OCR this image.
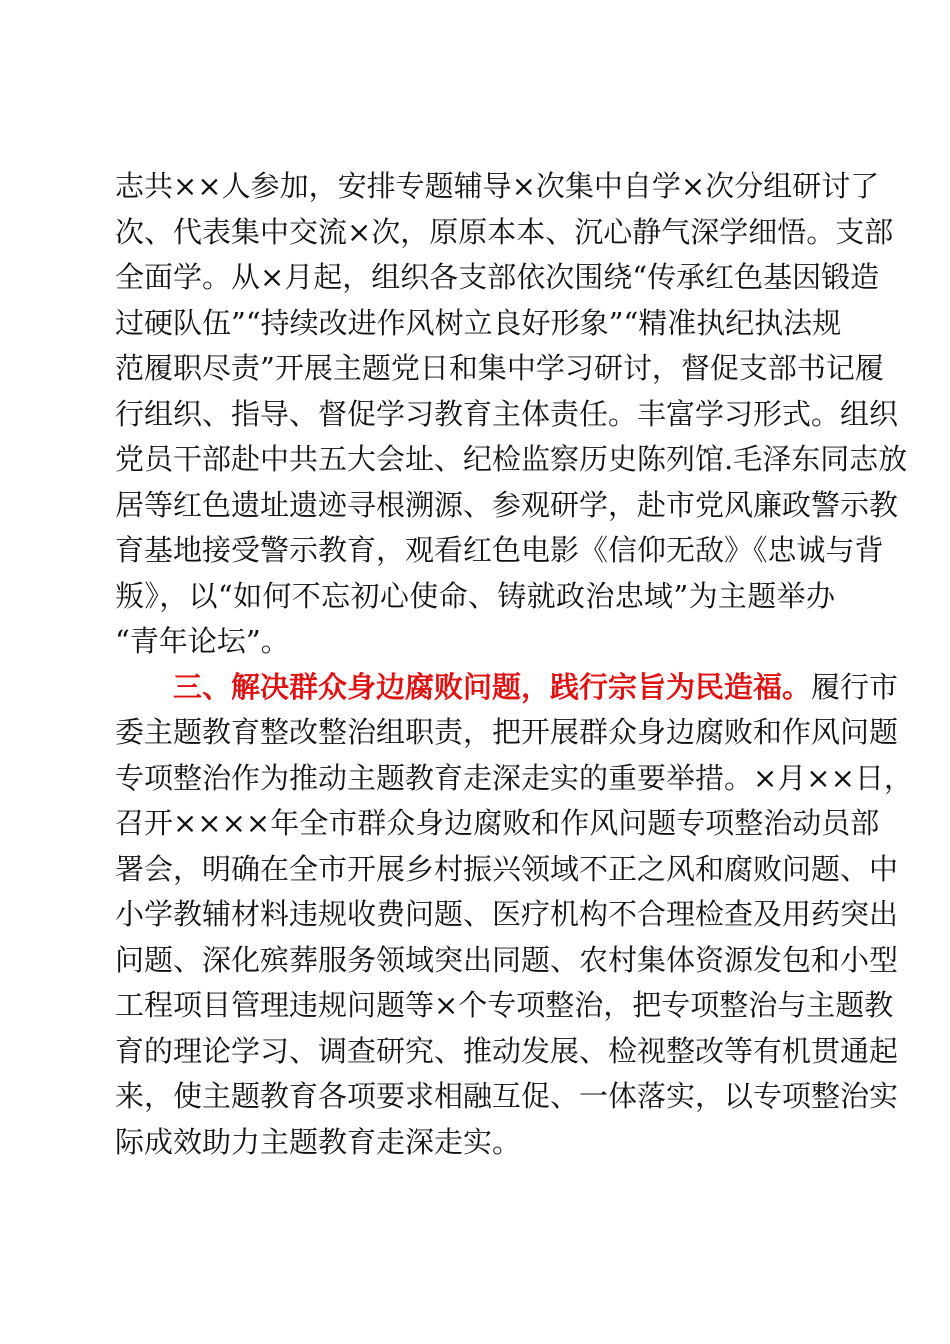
志共××人参加，安排专题辅导×次集中自学×次分组研讨了
次、代表集中交流×次，原原本本、沉心静气深学细悟。支部
全面学。从×月起，组织各支部依次围绕“传承红色基因锻造
过硬队伍”“持续改进作风树立良好形象”“精准执纪执法规
范履职尽责”开展主题党日和集中学习研讨，督促支部书记履
行组织、指导、督促学习教育主体责任。丰富学习形式。组织
党员干部赴中共五大会址、纪检监察历史陈列馆.毛泽东同志放
居等红色遗址遗迹寻根溯源、参观研学，赴市党风廉政警示教
育基地接受警示教育，观看红色电影《信仰无敌》《忠诚与背
叛》，以“如何不忘初心使命、铸就政治忠域”为主题举办
“青年论坛”。
三、解决群众身边腐败问题，践行宗旨为民造福。履行市
委主题教育整改整治组职责，把开展群众身边腐败和作风问题
专项整治作为推动主题教育走深走实的重要举措。×月××日，
召开××××年全市群众身边腐败和作风问题专项整治动员部
署会，明确在全市开展乡村振兴领域不正之风和腐败问题、中
小学教辅材料违规收费问题、医疗机构不合理检查及用药突出
问题、深化殡葬服务领域突出同题、农村集体资源发包和小型
工程项目管理违规问题等×个专项整治，把专项整治与主题教
育的理论学习、调查研究、推动发展、检视整改等有机贯通起
来，使主题教育各项要求相融互促、一体落实，以专项整治实
际成效助力主题教育走深走实。
